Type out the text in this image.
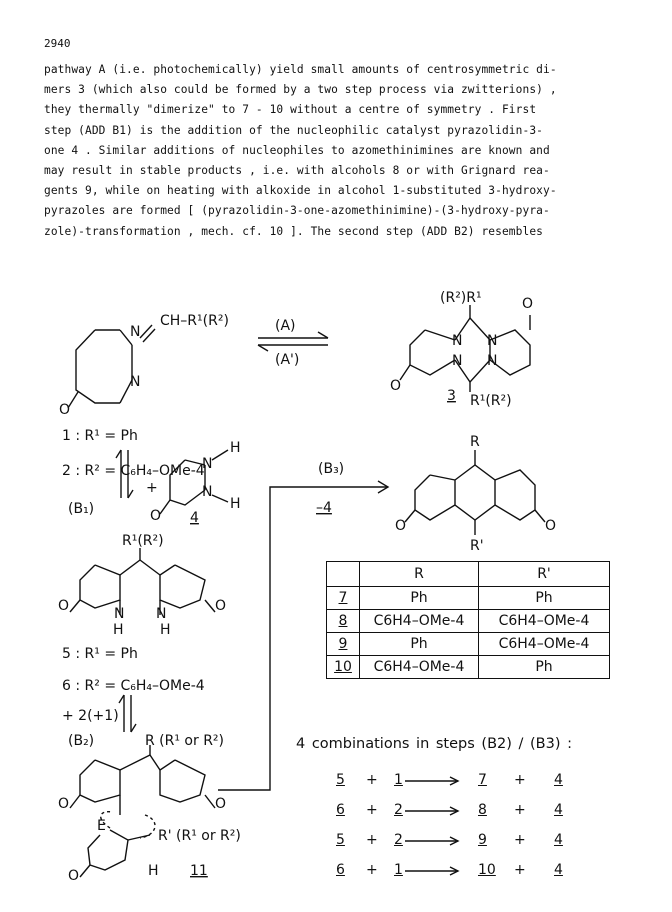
2940
pathway A (i.e. photochemically) yield small amounts of centrosymmetric di-
mers 3 (which also could be formed by a two step process via zwitterions) ,
they thermally "dimerize" to 7 - 10 without a centre of symmetry . First
step (ADD B1) is the addition of the nucleophilic catalyst pyrazolidin-3-
one 4 . Similar additions of nucleophiles to azomethinimines are known and
may result in stable products , i.e. with alcohols 8 or with Grignard rea-
gents 9, while on heating with alkoxide in alcohol 1-substituted 3-hydroxy-
pyrazoles are formed [ (pyrazolidin-3-one-azomethinimine)-(3-hydroxy-pyra-
zole)-transformation , mech. cf. 10 ]. The second step (ADD B2) resembles
N
N
O
CH–R¹(R²)	(A)
(A')
(R²)R¹	O
N N
N N
O
R¹(R²)
3
1 : R¹ = Ph
2 : R² = C₆H₄–OMe-4
(B₁)
+
N
H
N
H
O 4
(B₃)
–4
R
R'
O	O
R¹(R²)
N N
H	H
O	O
5 : R¹ = Ph
6 : R² = C₆H₄–OMe-4
+ 2(+1)
(B₂)	R (R¹ or R²)
O	O
E
R' (R¹ or R²)
O	H 11
	R	R'
7	Ph	Ph
8	C6H4–OMe-4	C6H4–OMe-4
9	Ph	C6H4–OMe-4
10	C6H4–OMe-4	Ph
4 combinations in steps (B2) / (B3) :
5 + 1	7 + 4
6 + 2	8 + 4
5 + 2	9 + 4
6 + 1	10 + 4
